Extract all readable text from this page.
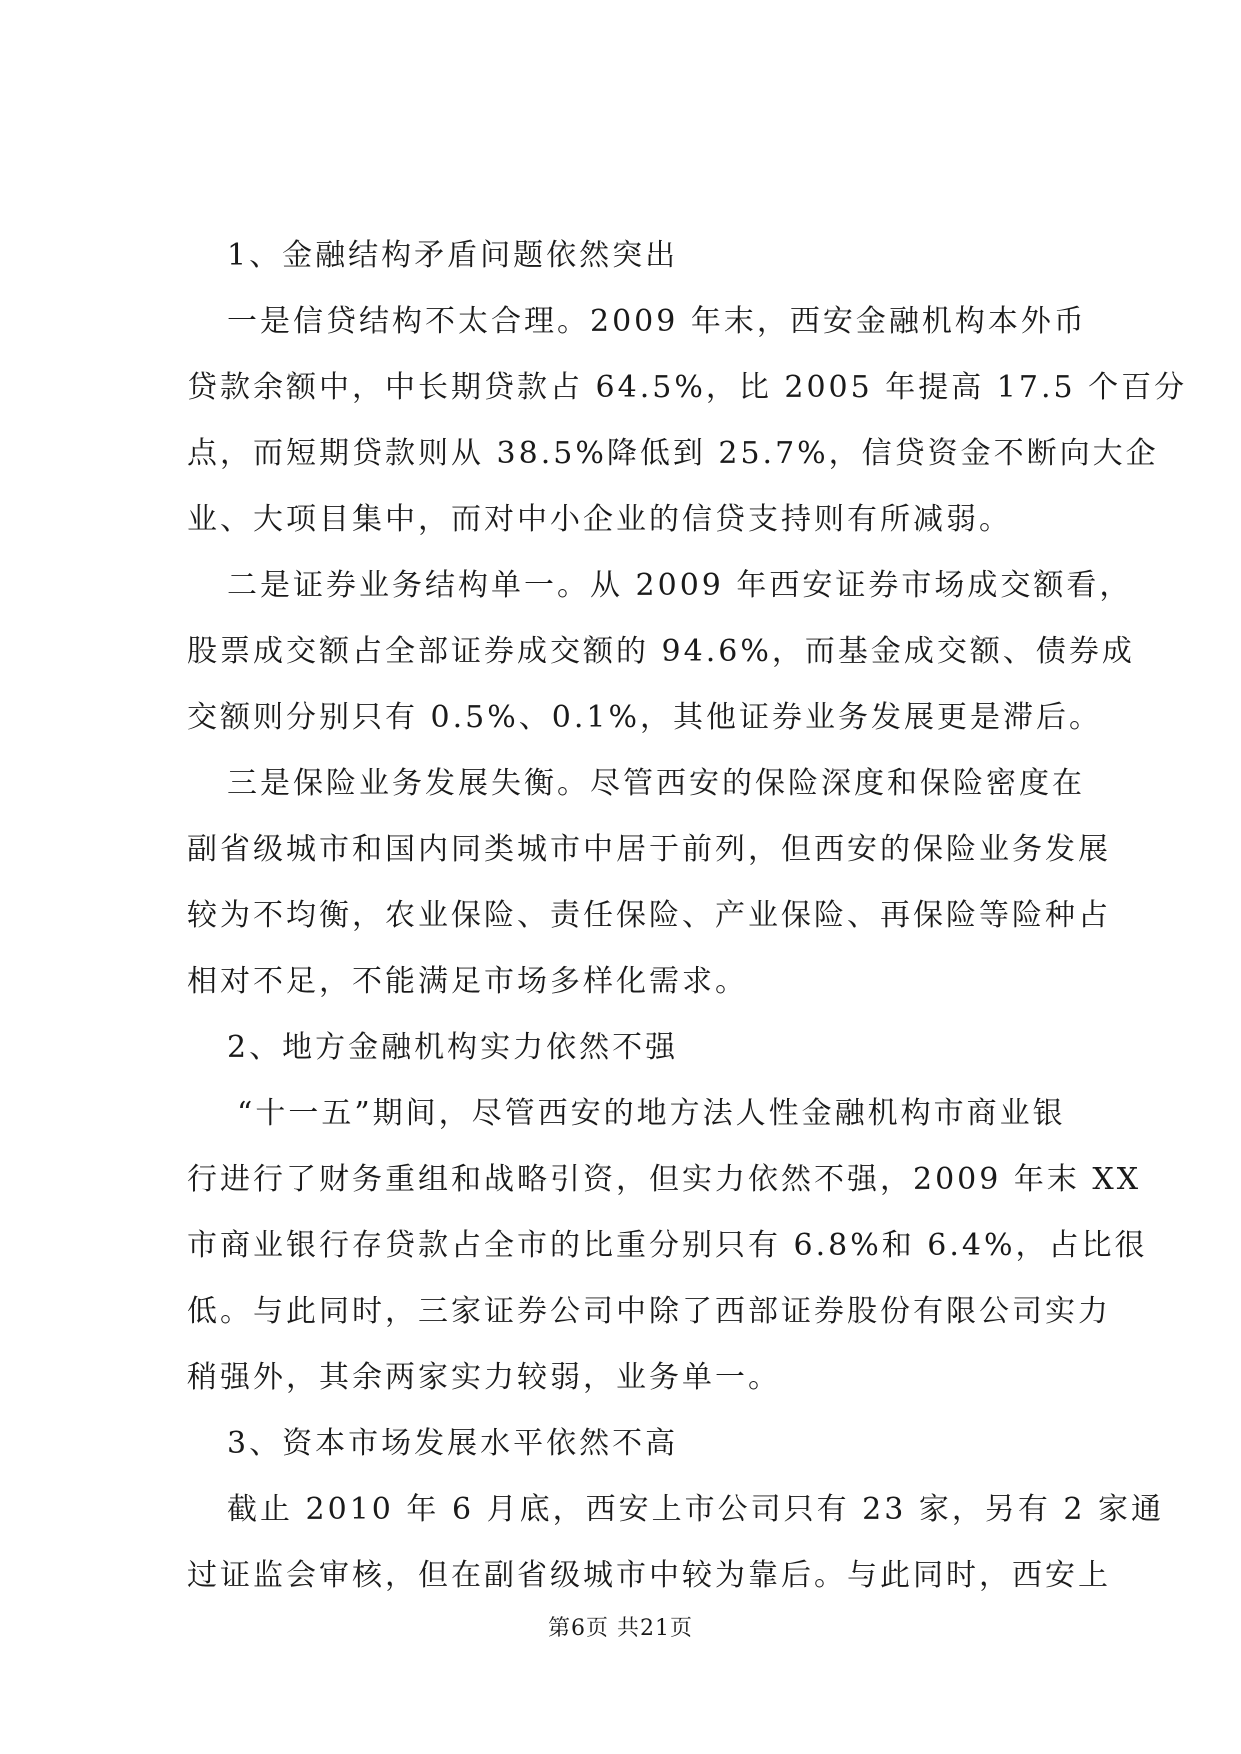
1、金融结构矛盾问题依然突出
一是信贷结构不太合理。2009 年末，西安金融机构本外币
贷款余额中，中长期贷款占 64.5%，比 2005 年提高 17.5 个百分
点，而短期贷款则从 38.5%降低到 25.7%，信贷资金不断向大企
业、大项目集中，而对中小企业的信贷支持则有所减弱。
二是证券业务结构单一。从 2009 年西安证券市场成交额看，
股票成交额占全部证券成交额的 94.6%，而基金成交额、债券成
交额则分别只有 0.5%、0.1%，其他证券业务发展更是滞后。
三是保险业务发展失衡。尽管西安的保险深度和保险密度在
副省级城市和国内同类城市中居于前列，但西安的保险业务发展
较为不均衡，农业保险、责任保险、产业保险、再保险等险种占
相对不足，不能满足市场多样化需求。
2、地方金融机构实力依然不强
“十一五”期间，尽管西安的地方法人性金融机构市商业银
行进行了财务重组和战略引资，但实力依然不强，2009 年末 XX
市商业银行存贷款占全市的比重分别只有 6.8%和 6.4%，占比很
低。与此同时，三家证券公司中除了西部证券股份有限公司实力
稍强外，其余两家实力较弱，业务单一。
3、资本市场发展水平依然不高
截止 2010 年 6 月底，西安上市公司只有 23 家，另有 2 家通
过证监会审核，但在副省级城市中较为靠后。与此同时，西安上
第6页 共21页
